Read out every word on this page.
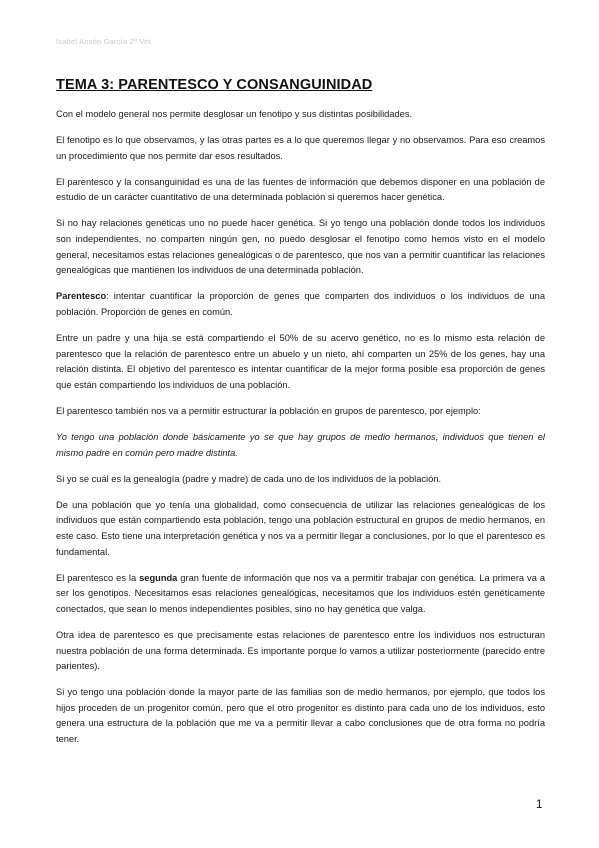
Isabel Ansón García 2º Vet
TEMA 3: PARENTESCO Y CONSANGUINIDAD

Con el modelo general nos permite desglosar un fenotipo y sus distintas posibilidades.

El fenotipo es lo que observamos, y las otras partes es a lo que queremos llegar y no observamos. Para eso creamos un procedimiento que nos permite dar esos resultados.

El parentesco y la consanguinidad es una de las fuentes de información que debemos disponer en una población de estudio de un carácter cuantitativo de una determinada población si queremos hacer genética.

Si no hay relaciones genéticas uno no puede hacer genética. Si yo tengo una población donde todos los individuos son independientes, no comparten ningún gen, no puedo desglosar el fenotipo como hemos visto en el modelo general, necesitamos estas relaciones genealógicas o de parentesco, que nos van a permitir cuantificar las relaciones genealógicas que mantienen los individuos de una determinada población.

Parentesco: intentar cuantificar la proporción de genes que comparten dos individuos o los individuos de una población. Proporción de genes en común.

Entre un padre y una hija se está compartiendo el 50% de su acervo genético, no es lo mismo esta relación de parentesco que la relación de parentesco entre un abuelo y un nieto, ahí comparten un 25% de los genes, hay una relación distinta. El objetivo del parentesco es intentar cuantificar de la mejor forma posible esa proporción de genes que están compartiendo los individuos de una población.

El parentesco también nos va a permitir estructurar la población en grupos de parentesco, por ejemplo:

Yo tengo una población donde básicamente yo se que hay grupos de medio hermanos, individuos que tienen el mismo padre en común pero madre distinta.

Si yo se cuál es la genealogía (padre y madre) de cada uno de los individuos de la población.

De una población que yo tenía una globalidad, como consecuencia de utilizar las relaciones genealógicas de los individuos que están compartiendo esta población, tengo una población estructural en grupos de medio hermanos, en este caso. Esto tiene una interpretación genética y nos va a permitir llegar a conclusiones, por lo que el parentesco es fundamental.

El parentesco es la segunda gran fuente de información que nos va a permitir trabajar con genética. La primera va a ser los genotipos. Necesitamos esas relaciones genealógicas, necesitamos que los individuos estén genéticamente conectados, que sean lo menos independientes posibles, sino no hay genética que valga.

Otra idea de parentesco es que precisamente estas relaciones de parentesco entre los individuos nos estructuran nuestra población de una forma determinada. Es importante porque lo vamos a utilizar posteriormente (parecido entre parientes).

Si yo tengo una población donde la mayor parte de las familias son de medio hermanos, por ejemplo, que todos los hijos proceden de un progenitor común, pero que el otro progenitor es distinto para cada uno de los individuos, esto genera una estructura de la población que me va a permitir llevar a cabo conclusiones que de otra forma no podría tener.

1
